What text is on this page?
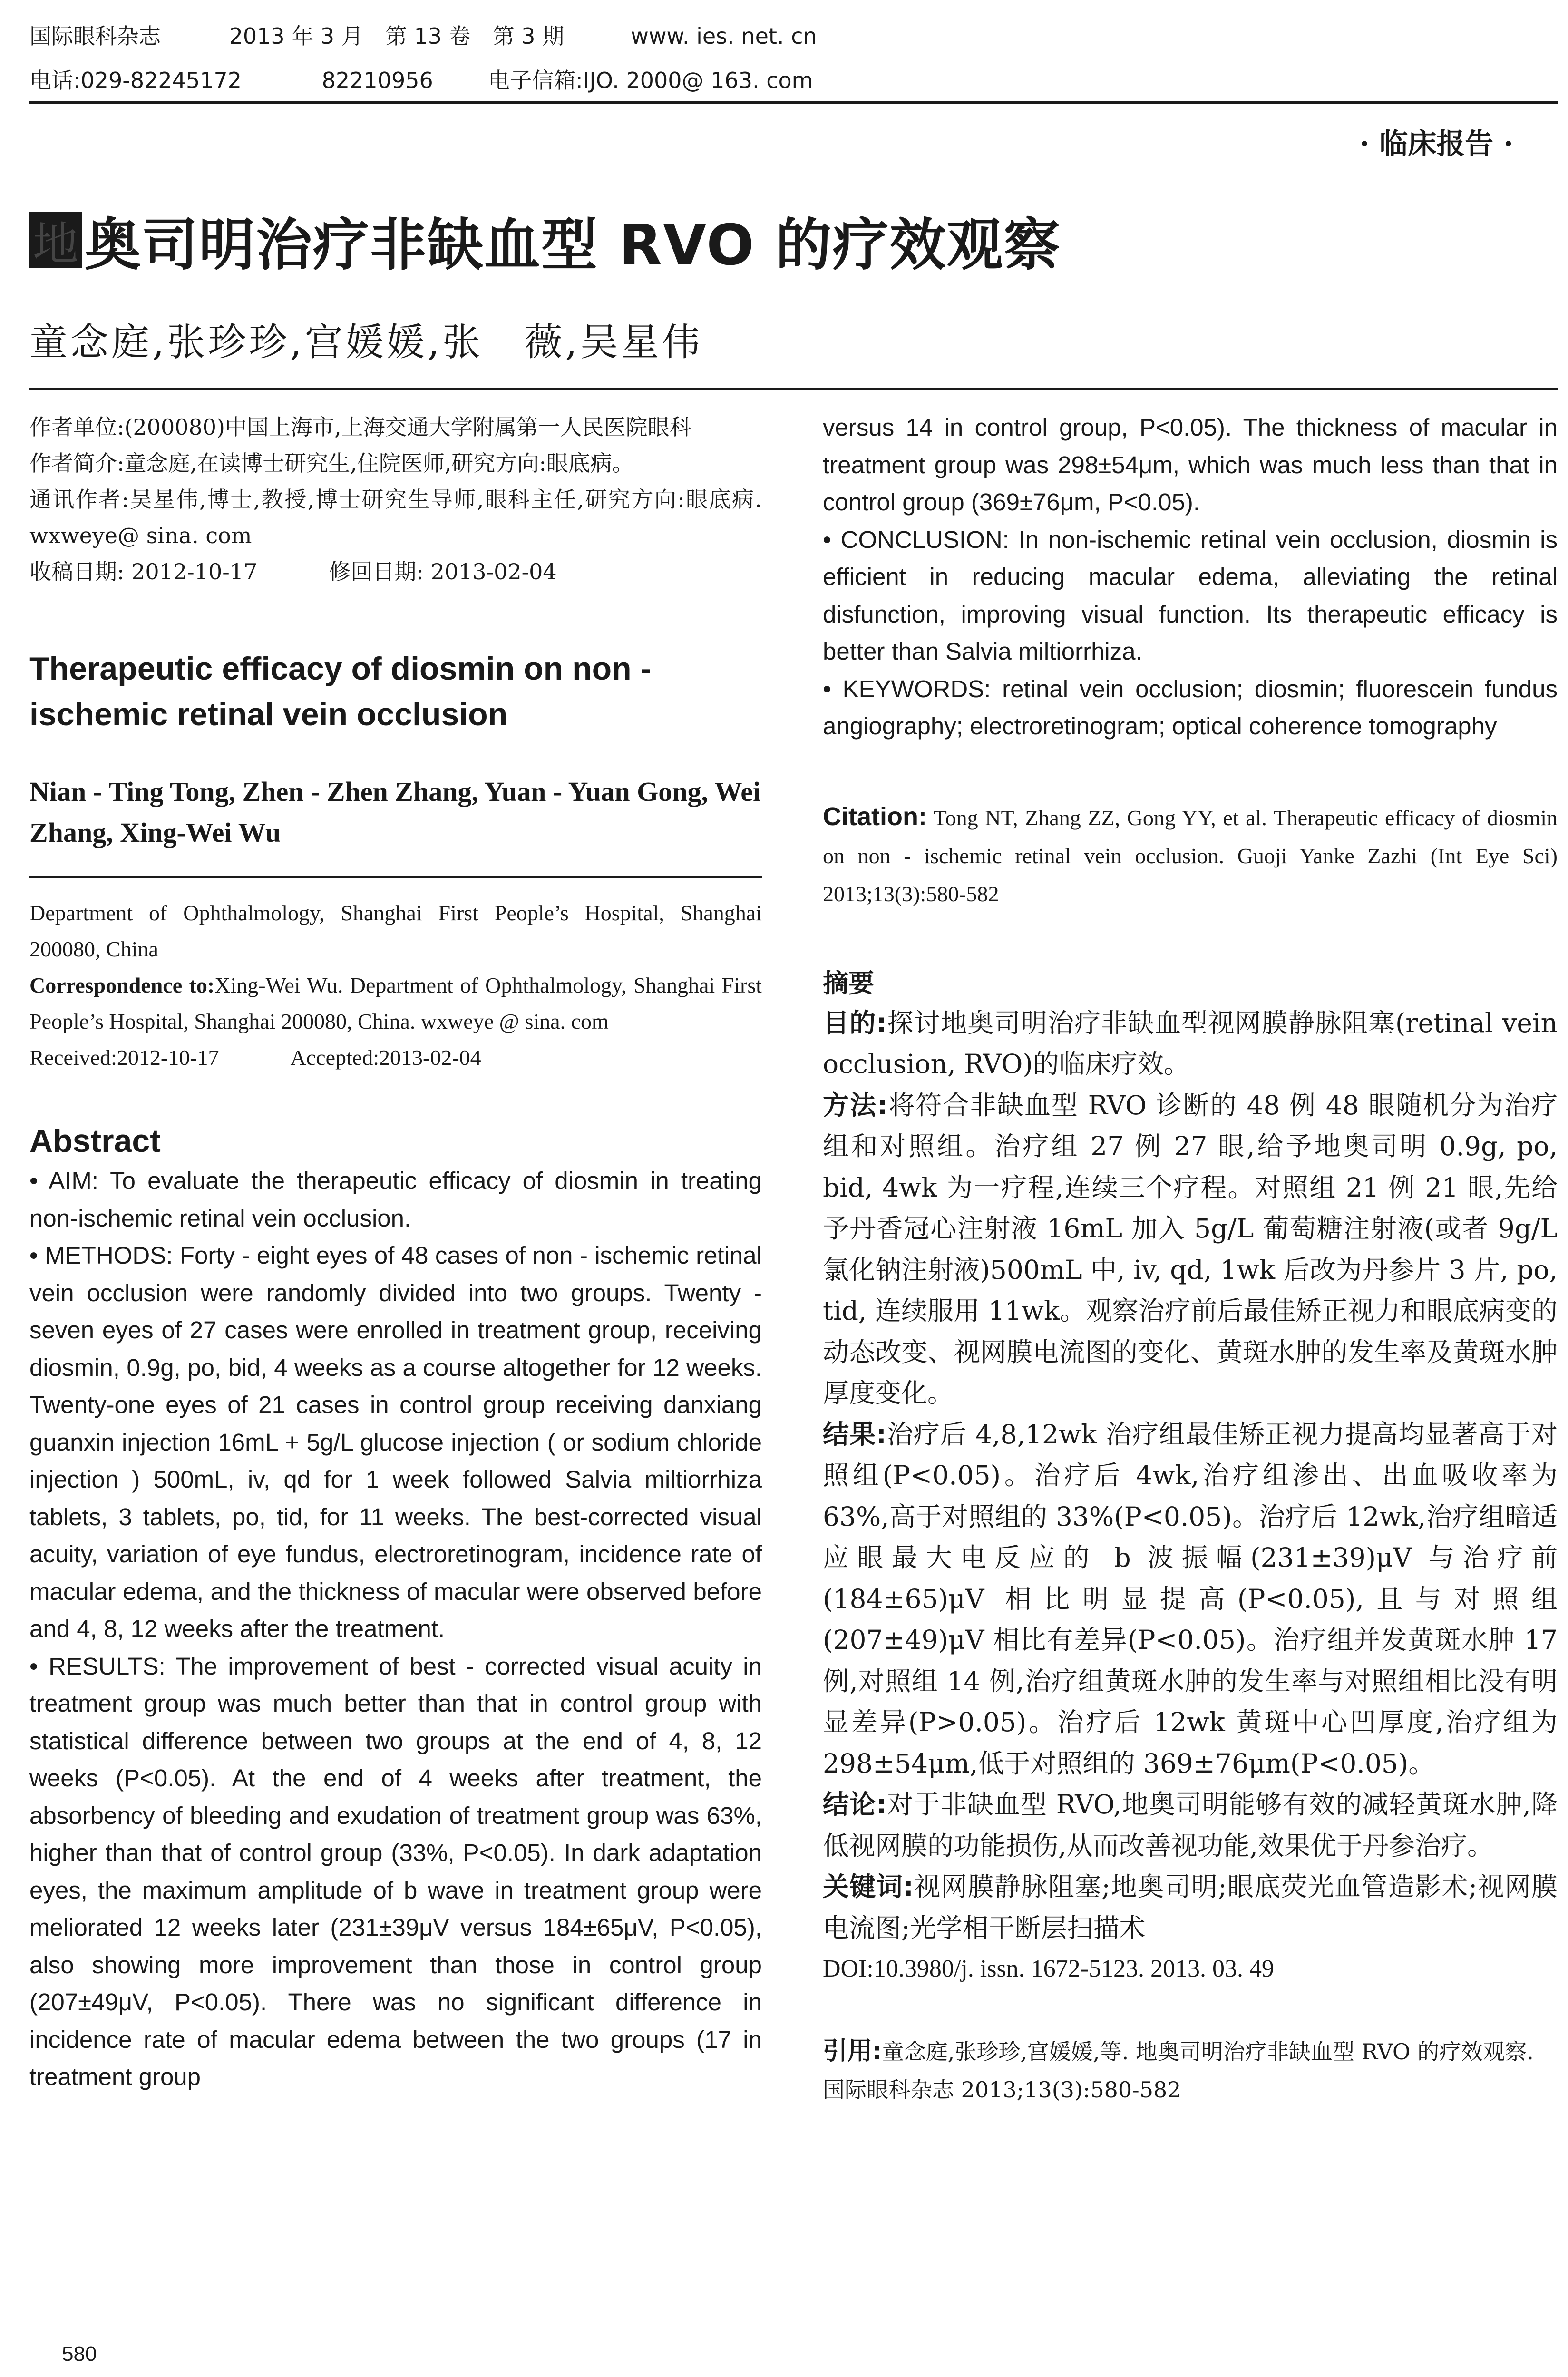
国际眼科杂志	2013 年 3 月　第 13 卷　第 3 期	www. ies. net. cn
电话:029-82245172	82210956	电子信箱:IJO. 2000@ 163. com
· 临床报告 ·
地 奥司明治疗非缺血型 RVO 的疗效观察
童念庭,张珍珍,宫媛媛,张　薇,吴星伟

作者单位:(200080)中国上海市,上海交通大学附属第一人民医院眼科

作者简介:童念庭,在读博士研究生,住院医师,研究方向:眼底病。

通讯作者:吴星伟,博士,教授,博士研究生导师,眼科主任,研究方向:眼底病. wxweye@ sina. com

收稿日期: 2012-10-17	修回日期: 2013-02-04

Therapeutic efficacy of diosmin on non - ischemic retinal vein occlusion
Nian - Ting Tong, Zhen - Zhen Zhang, Yuan - Yuan Gong, Wei Zhang, Xing-Wei Wu

Department of Ophthalmology, Shanghai First People’s Hospital, Shanghai 200080, China

Correspondence to:Xing-Wei Wu. Department of Ophthalmology, Shanghai First People’s Hospital, Shanghai 200080, China. wxweye @ sina. com

Received:2012-10-17	Accepted:2013-02-04

Abstract

• AIM: To evaluate the therapeutic efficacy of diosmin in treating non-ischemic retinal vein occlusion.

• METHODS: Forty - eight eyes of 48 cases of non - ischemic retinal vein occlusion were randomly divided into two groups. Twenty - seven eyes of 27 cases were enrolled in treatment group, receiving diosmin, 0.9g, po, bid, 4 weeks as a course altogether for 12 weeks. Twenty-one eyes of 21 cases in control group receiving danxiang guanxin injection 16mL + 5g/L glucose injection ( or sodium chloride injection ) 500mL, iv, qd for 1 week followed Salvia miltiorrhiza tablets, 3 tablets, po, tid, for 11 weeks. The best-corrected visual acuity, variation of eye fundus, electroretinogram, incidence rate of macular edema, and the thickness of macular were observed before and 4, 8, 12 weeks after the treatment.

• RESULTS: The improvement of best - corrected visual acuity in treatment group was much better than that in control group with statistical difference between two groups at the end of 4, 8, 12 weeks (P<0.05). At the end of 4 weeks after treatment, the absorbency of bleeding and exudation of treatment group was 63%, higher than that of control group (33%, P<0.05). In dark adaptation eyes, the maximum amplitude of b wave in treatment group were meliorated 12 weeks later (231±39μV versus 184±65μV, P<0.05), also showing more improvement than those in control group (207±49μV, P<0.05). There was no significant difference in incidence rate of macular edema between the two groups (17 in treatment group

versus 14 in control group, P<0.05). The thickness of macular in treatment group was 298±54μm, which was much less than that in control group (369±76μm, P<0.05).

• CONCLUSION: In non-ischemic retinal vein occlusion, diosmin is efficient in reducing macular edema, alleviating the retinal disfunction, improving visual function. Its therapeutic efficacy is better than Salvia miltiorrhiza.

• KEYWORDS: retinal vein occlusion; diosmin; fluorescein fundus angiography; electroretinogram; optical coherence tomography

Citation: Tong NT, Zhang ZZ, Gong YY, et al. Therapeutic efficacy of diosmin on non - ischemic retinal vein occlusion. Guoji Yanke Zazhi (Int Eye Sci) 2013;13(3):580-582
摘要

目的:探讨地奥司明治疗非缺血型视网膜静脉阻塞(retinal vein occlusion, RVO)的临床疗效。

方法:将符合非缺血型 RVO 诊断的 48 例 48 眼随机分为治疗组和对照组。治疗组 27 例 27 眼,给予地奥司明 0.9g, po, bid, 4wk 为一疗程,连续三个疗程。对照组 21 例 21 眼,先给予丹香冠心注射液 16mL 加入 5g/L 葡萄糖注射液(或者 9g/L 氯化钠注射液)500mL 中, iv, qd, 1wk 后改为丹参片 3 片, po, tid, 连续服用 11wk。观察治疗前后最佳矫正视力和眼底病变的动态改变、视网膜电流图的变化、黄斑水肿的发生率及黄斑水肿厚度变化。

结果:治疗后 4,8,12wk 治疗组最佳矫正视力提高均显著高于对照组(P<0.05)。治疗后 4wk,治疗组渗出、出血吸收率为 63%,高于对照组的 33%(P<0.05)。治疗后 12wk,治疗组暗适应眼最大电反应的 b 波振幅(231±39)μV 与治疗前(184±65)μV 相比明显提高(P<0.05),且与对照组(207±49)μV 相比有差异(P<0.05)。治疗组并发黄斑水肿 17 例,对照组 14 例,治疗组黄斑水肿的发生率与对照组相比没有明显差异(P>0.05)。治疗后 12wk 黄斑中心凹厚度,治疗组为 298±54μm,低于对照组的 369±76μm(P<0.05)。

结论:对于非缺血型 RVO,地奥司明能够有效的减轻黄斑水肿,降低视网膜的功能损伤,从而改善视功能,效果优于丹参治疗。

关键词:视网膜静脉阻塞;地奥司明;眼底荧光血管造影术;视网膜电流图;光学相干断层扫描术

DOI:10.3980/j. issn. 1672-5123. 2013. 03. 49

引用:童念庭,张珍珍,宫媛媛,等. 地奥司明治疗非缺血型 RVO 的疗效观察. 国际眼科杂志 2013;13(3):580-582
580
